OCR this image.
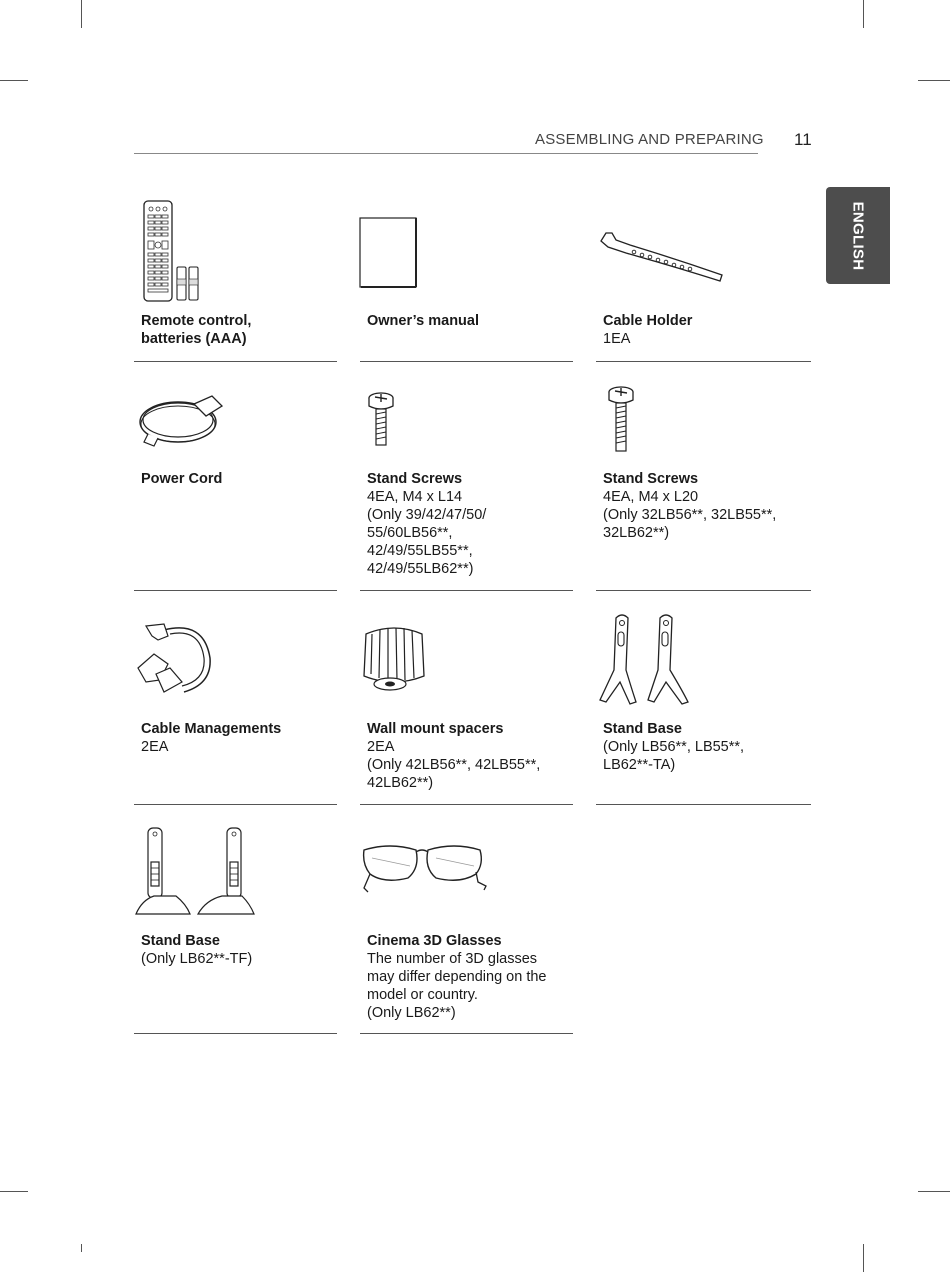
ASSEMBLING AND PREPARING 11
ENGLISH
Remote control,
batteries (AAA)
Owner’s manual	Cable Holder
1EA
Power Cord	Stand Screws
4EA, M4 x L14
(Only 39/42/47/50/
55/60LB56**,
42/49/55LB55**,
42/49/55LB62**)
Stand Screws
4EA, M4 x L20
(Only 32LB56**, 32LB55**,
32LB62**)
Cable Managements
2EA
Wall mount spacers
2EA
(Only 42LB56**, 42LB55**,
42LB62**)
Stand Base
(Only LB56**, LB55**,
LB62**-TA)
Stand Base
(Only LB62**-TF)
Cinema 3D Glasses
The number of 3D glasses
may differ depending on the
model or country.
(Only LB62**)
